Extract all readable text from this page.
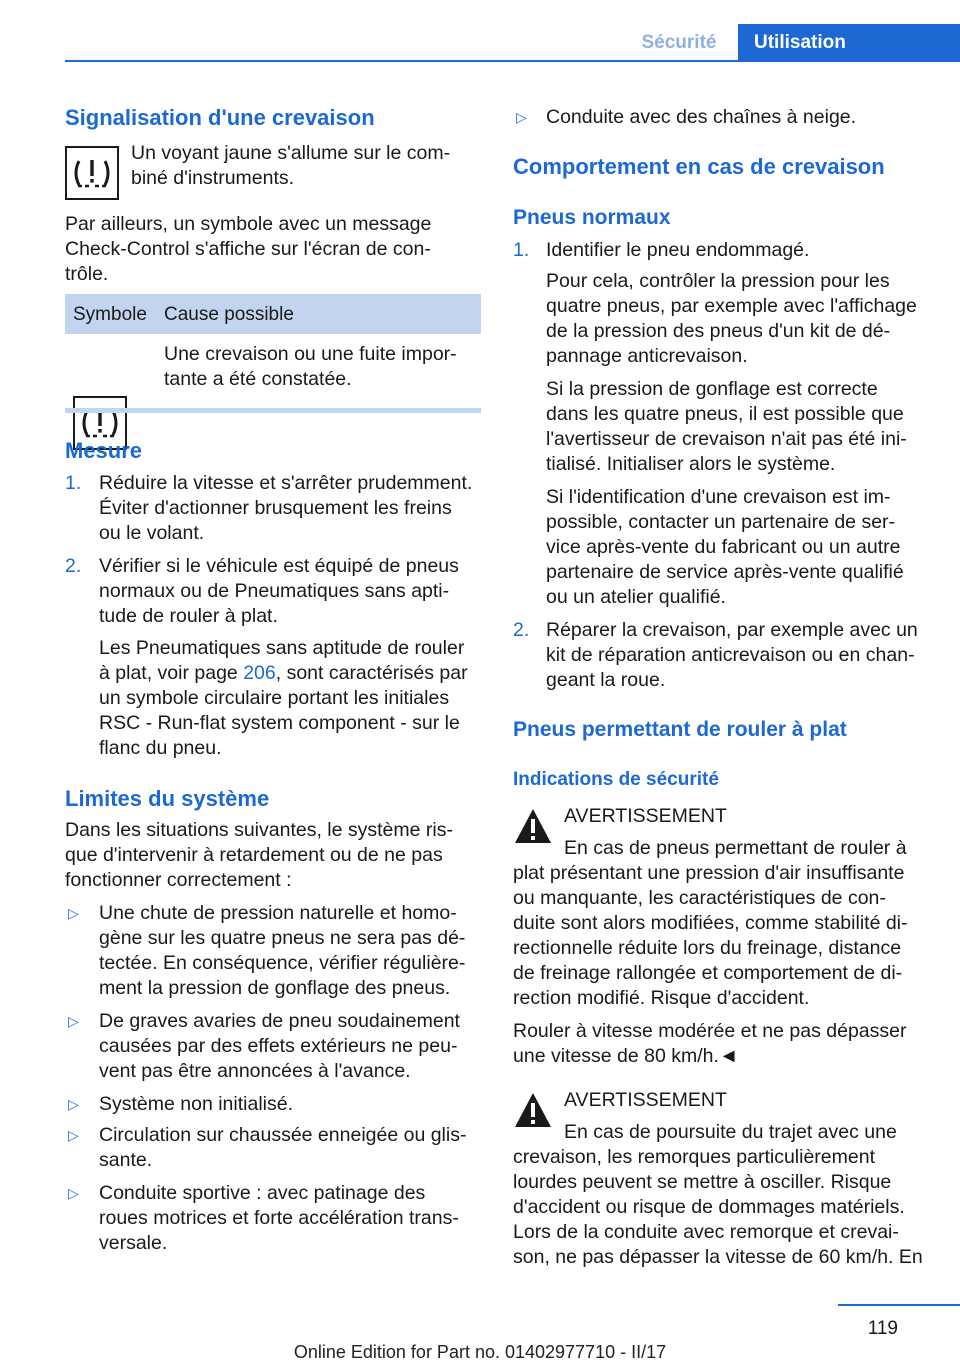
Sécurité	Utilisation
Signalisation d'une crevaison

Un voyant jaune s'allume sur le com‐

biné d'instruments.

Par ailleurs, un symbole avec un message

Check-Control s'affiche sur l'écran de con‐

trôle.

Symbole Cause possible

Une crevaison ou une fuite impor‐

tante a été constatée.

Mesure
1. Réduire la vitesse et s'arrêter prudemment.

Éviter d'actionner brusquement les freins

ou le volant.

2. Vérifier si le véhicule est équipé de pneus

normaux ou de Pneumatiques sans apti‐

tude de rouler à plat.

Les Pneumatiques sans aptitude de rouler

à plat, voir page 206, sont caractérisés par

un symbole circulaire portant les initiales

RSC - Run-flat system component - sur le

flanc du pneu.

Limites du système

Dans les situations suivantes, le système ris‐

que d'intervenir à retardement ou de ne pas

fonctionner correctement :

▷ Une chute de pression naturelle et homo‐

gène sur les quatre pneus ne sera pas dé‐

tectée. En conséquence, vérifier régulière‐

ment la pression de gonflage des pneus.

▷ De graves avaries de pneu soudainement

causées par des effets extérieurs ne peu‐

vent pas être annoncées à l'avance.

▷ Système non initialisé.

▷ Circulation sur chaussée enneigée ou glis‐

sante.

▷ Conduite sportive : avec patinage des

roues motrices et forte accélération trans‐

versale.

▷ Conduite avec des chaînes à neige.

Comportement en cas de crevaison
Pneus normaux
1. Identifier le pneu endommagé.

Pour cela, contrôler la pression pour les

quatre pneus, par exemple avec l'affichage

de la pression des pneus d'un kit de dé‐

pannage anticrevaison.

Si la pression de gonflage est correcte

dans les quatre pneus, il est possible que

l'avertisseur de crevaison n'ait pas été ini‐

tialisé. Initialiser alors le système.

Si l'identification d'une crevaison est im‐

possible, contacter un partenaire de ser‐

vice après-vente du fabricant ou un autre

partenaire de service après-vente qualifié

ou un atelier qualifié.

2. Réparer la crevaison, par exemple avec un

kit de réparation anticrevaison ou en chan‐

geant la roue.

Pneus permettant de rouler à plat
Indications de sécurité

AVERTISSEMENT

En cas de pneus permettant de rouler à

plat présentant une pression d'air insuffisante

ou manquante, les caractéristiques de con‐

duite sont alors modifiées, comme stabilité di‐

rectionnelle réduite lors du freinage, distance

de freinage rallongée et comportement de di‐

rection modifié. Risque d'accident.

Rouler à vitesse modérée et ne pas dépasser

une vitesse de 80 km/h.◄

AVERTISSEMENT

En cas de poursuite du trajet avec une

crevaison, les remorques particulièrement

lourdes peuvent se mettre à osciller. Risque

d'accident ou risque de dommages matériels.

Lors de la conduite avec remorque et crevai‐

son, ne pas dépasser la vitesse de 60 km/h. En

119
Online Edition for Part no. 01402977710 - II/17
